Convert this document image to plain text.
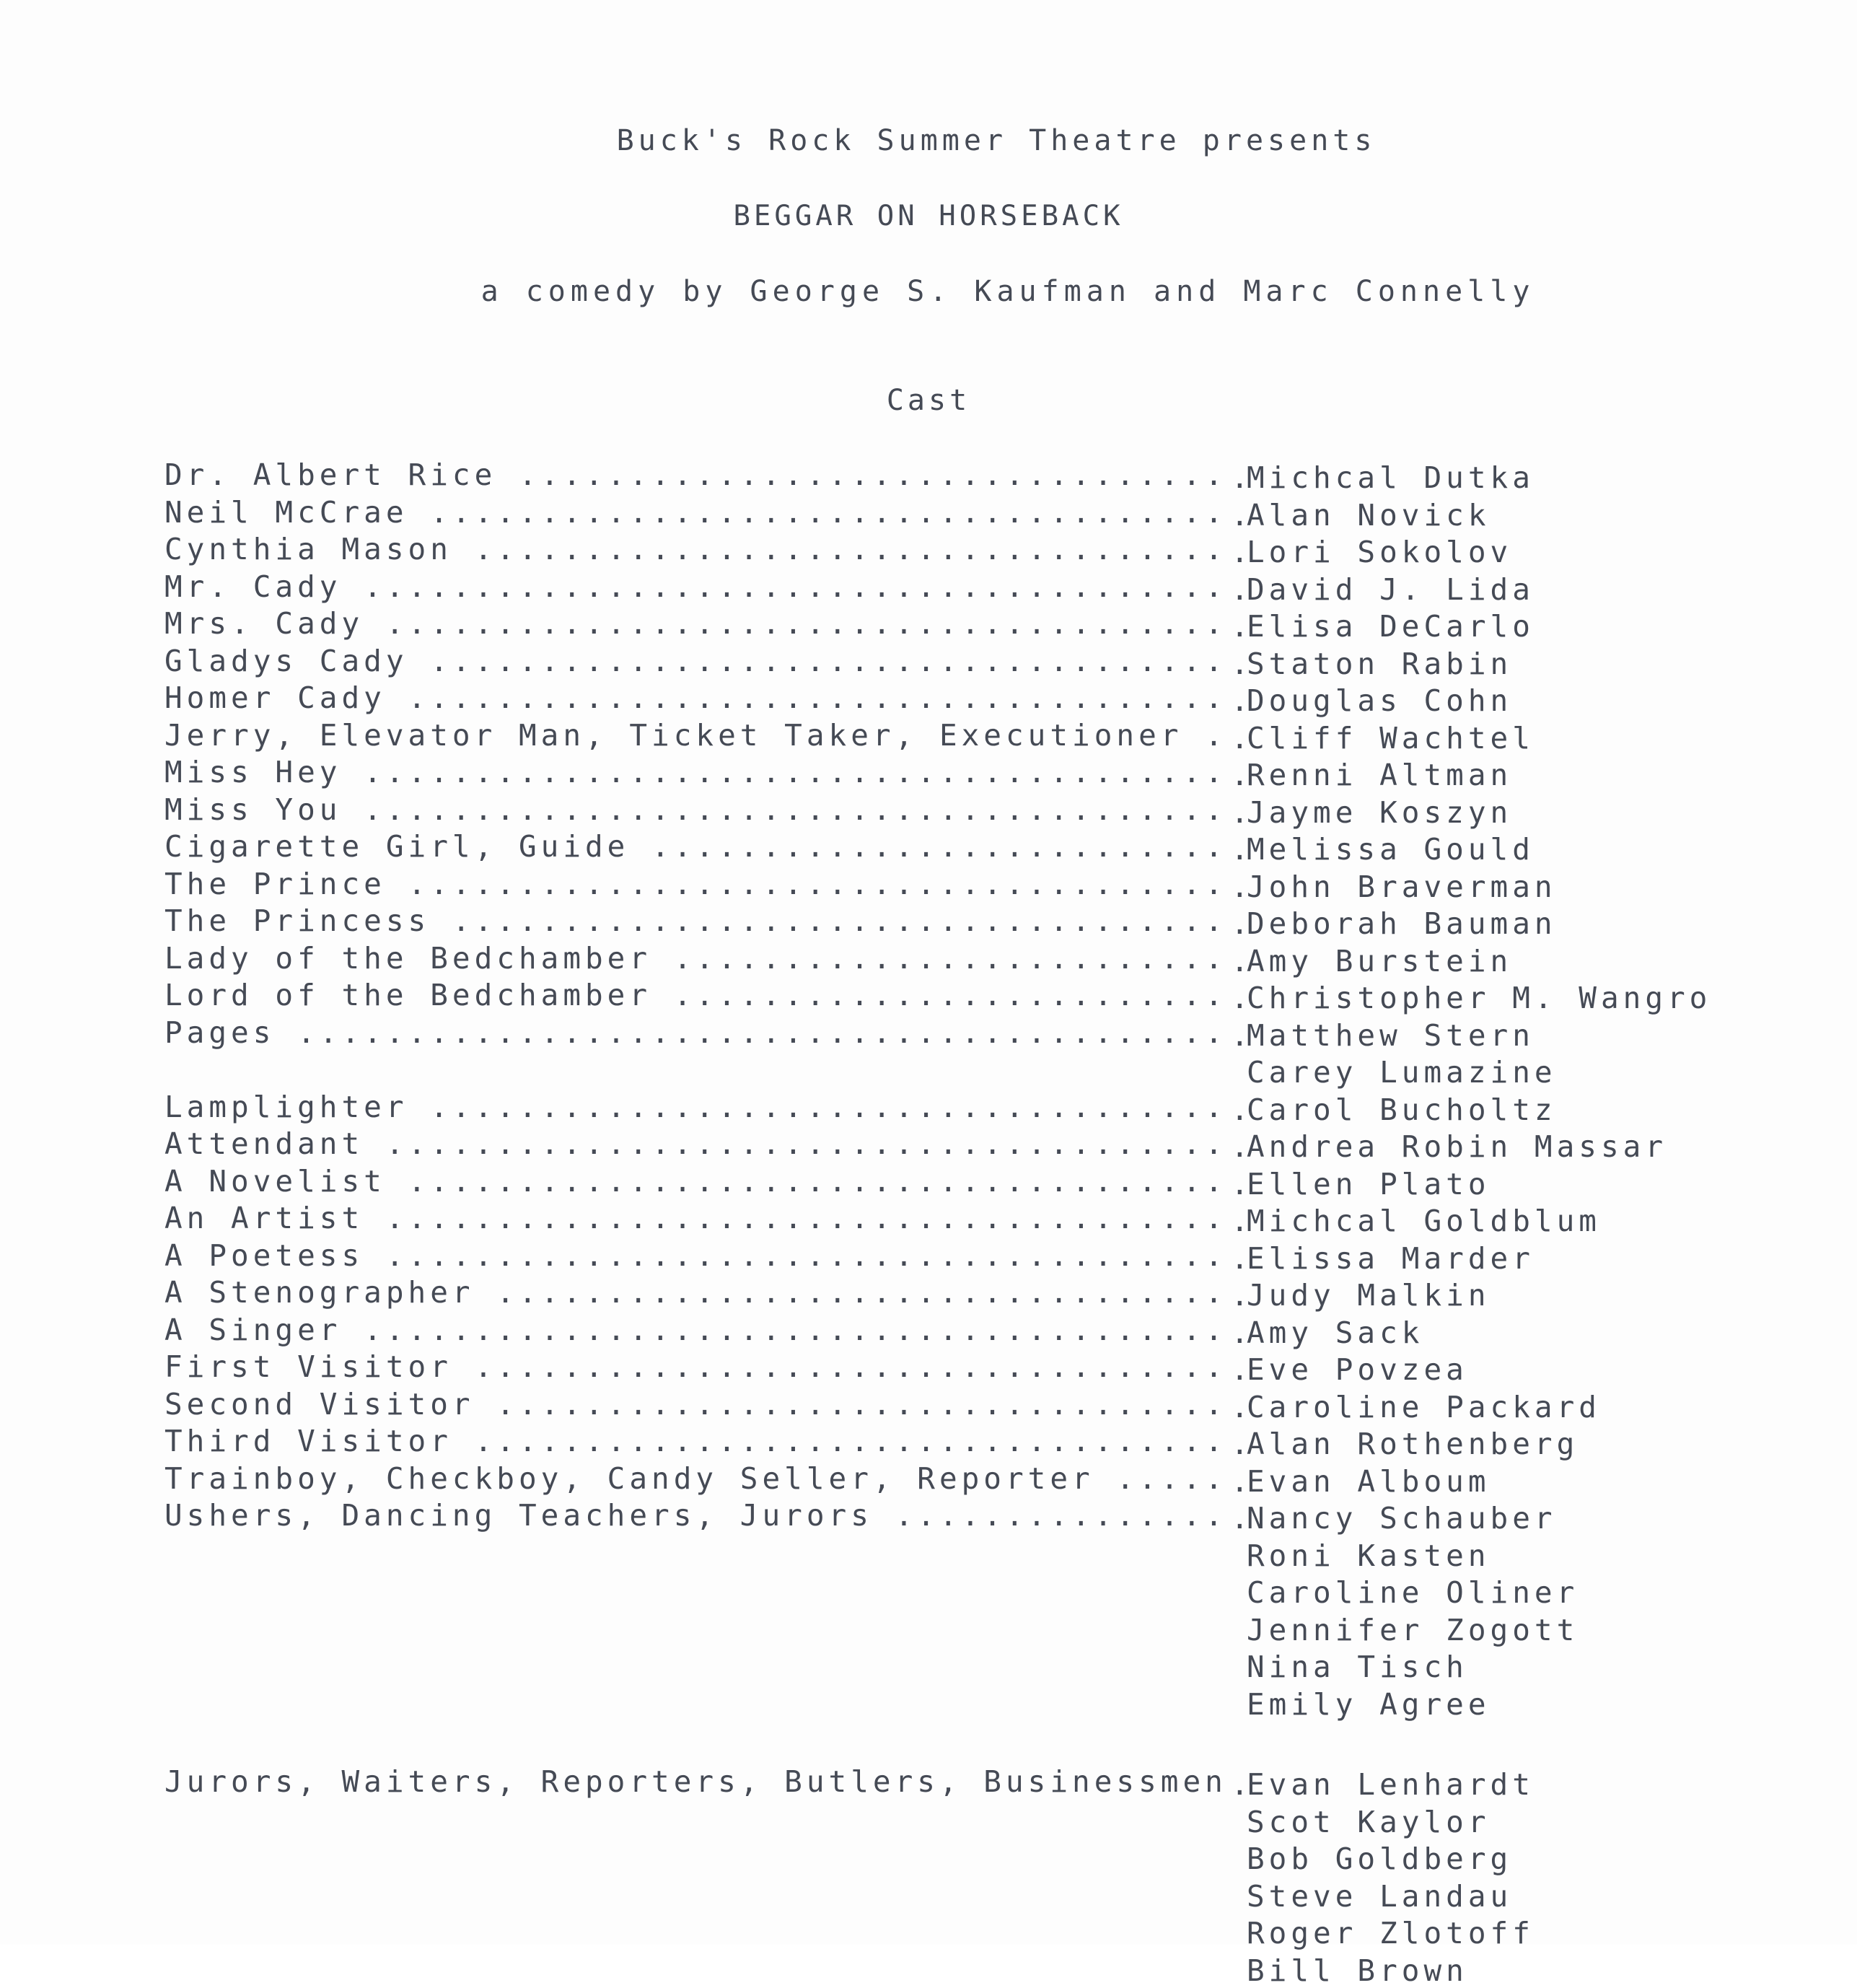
Buck's Rock Summer Theatre presents
BEGGAR ON HORSEBACK
a comedy by George S. Kaufman and Marc Connelly
Cast
Dr. Albert Rice .....	. Michcal Dutka
Neil McCrae .....	. Alan Novick
Cynthia Mason .....	. Lori Sokolov
Mr. Cady .....	. David J. Lida
Mrs. Cady .....	. Elisa DeCarlo
Gladys Cady .....	. Staton Rabin
Homer Cady .....	. Douglas Cohn
Jerry, Elevator Man, Ticket Taker, Executioner .....	. Cliff Wachtel
Miss Hey .....	. Renni Altman
Miss You .....	. Jayme Koszyn
Cigarette Girl, Guide .....	. Melissa Gould
The Prince .....	. John Braverman
The Princess .....	. Deborah Bauman
Lady of the Bedchamber .....	. Amy Burstein
Lord of the Bedchamber .....	. Christopher M. Wangro
Pages .....	. Matthew Stern
Carey Lumazine
Lamplighter .....	. Carol Bucholtz
Attendant .....	. Andrea Robin Massar
A Novelist .....	. Ellen Plato
An Artist .....	. Michcal Goldblum
A Poetess .....	. Elissa Marder
A Stenographer .....	. Judy Malkin
A Singer .....	. Amy Sack
First Visitor .....	. Eve Povzea
Second Visitor .....	. Caroline Packard
Third Visitor .....	. Alan Rothenberg
Trainboy, Checkboy, Candy Seller, Reporter .....	. Evan Alboum
Ushers, Dancing Teachers, Jurors .....	. Nancy Schauber
Roni Kasten
Caroline Oliner
Jennifer Zogott
Nina Tisch
Emily Agree
Jurors, Waiters, Reporters, Butlers, Businessmen ..... . Evan Lenhardt
Scot Kaylor
Bob Goldberg
Steve Landau
Roger Zlotoff
Bill Brown
